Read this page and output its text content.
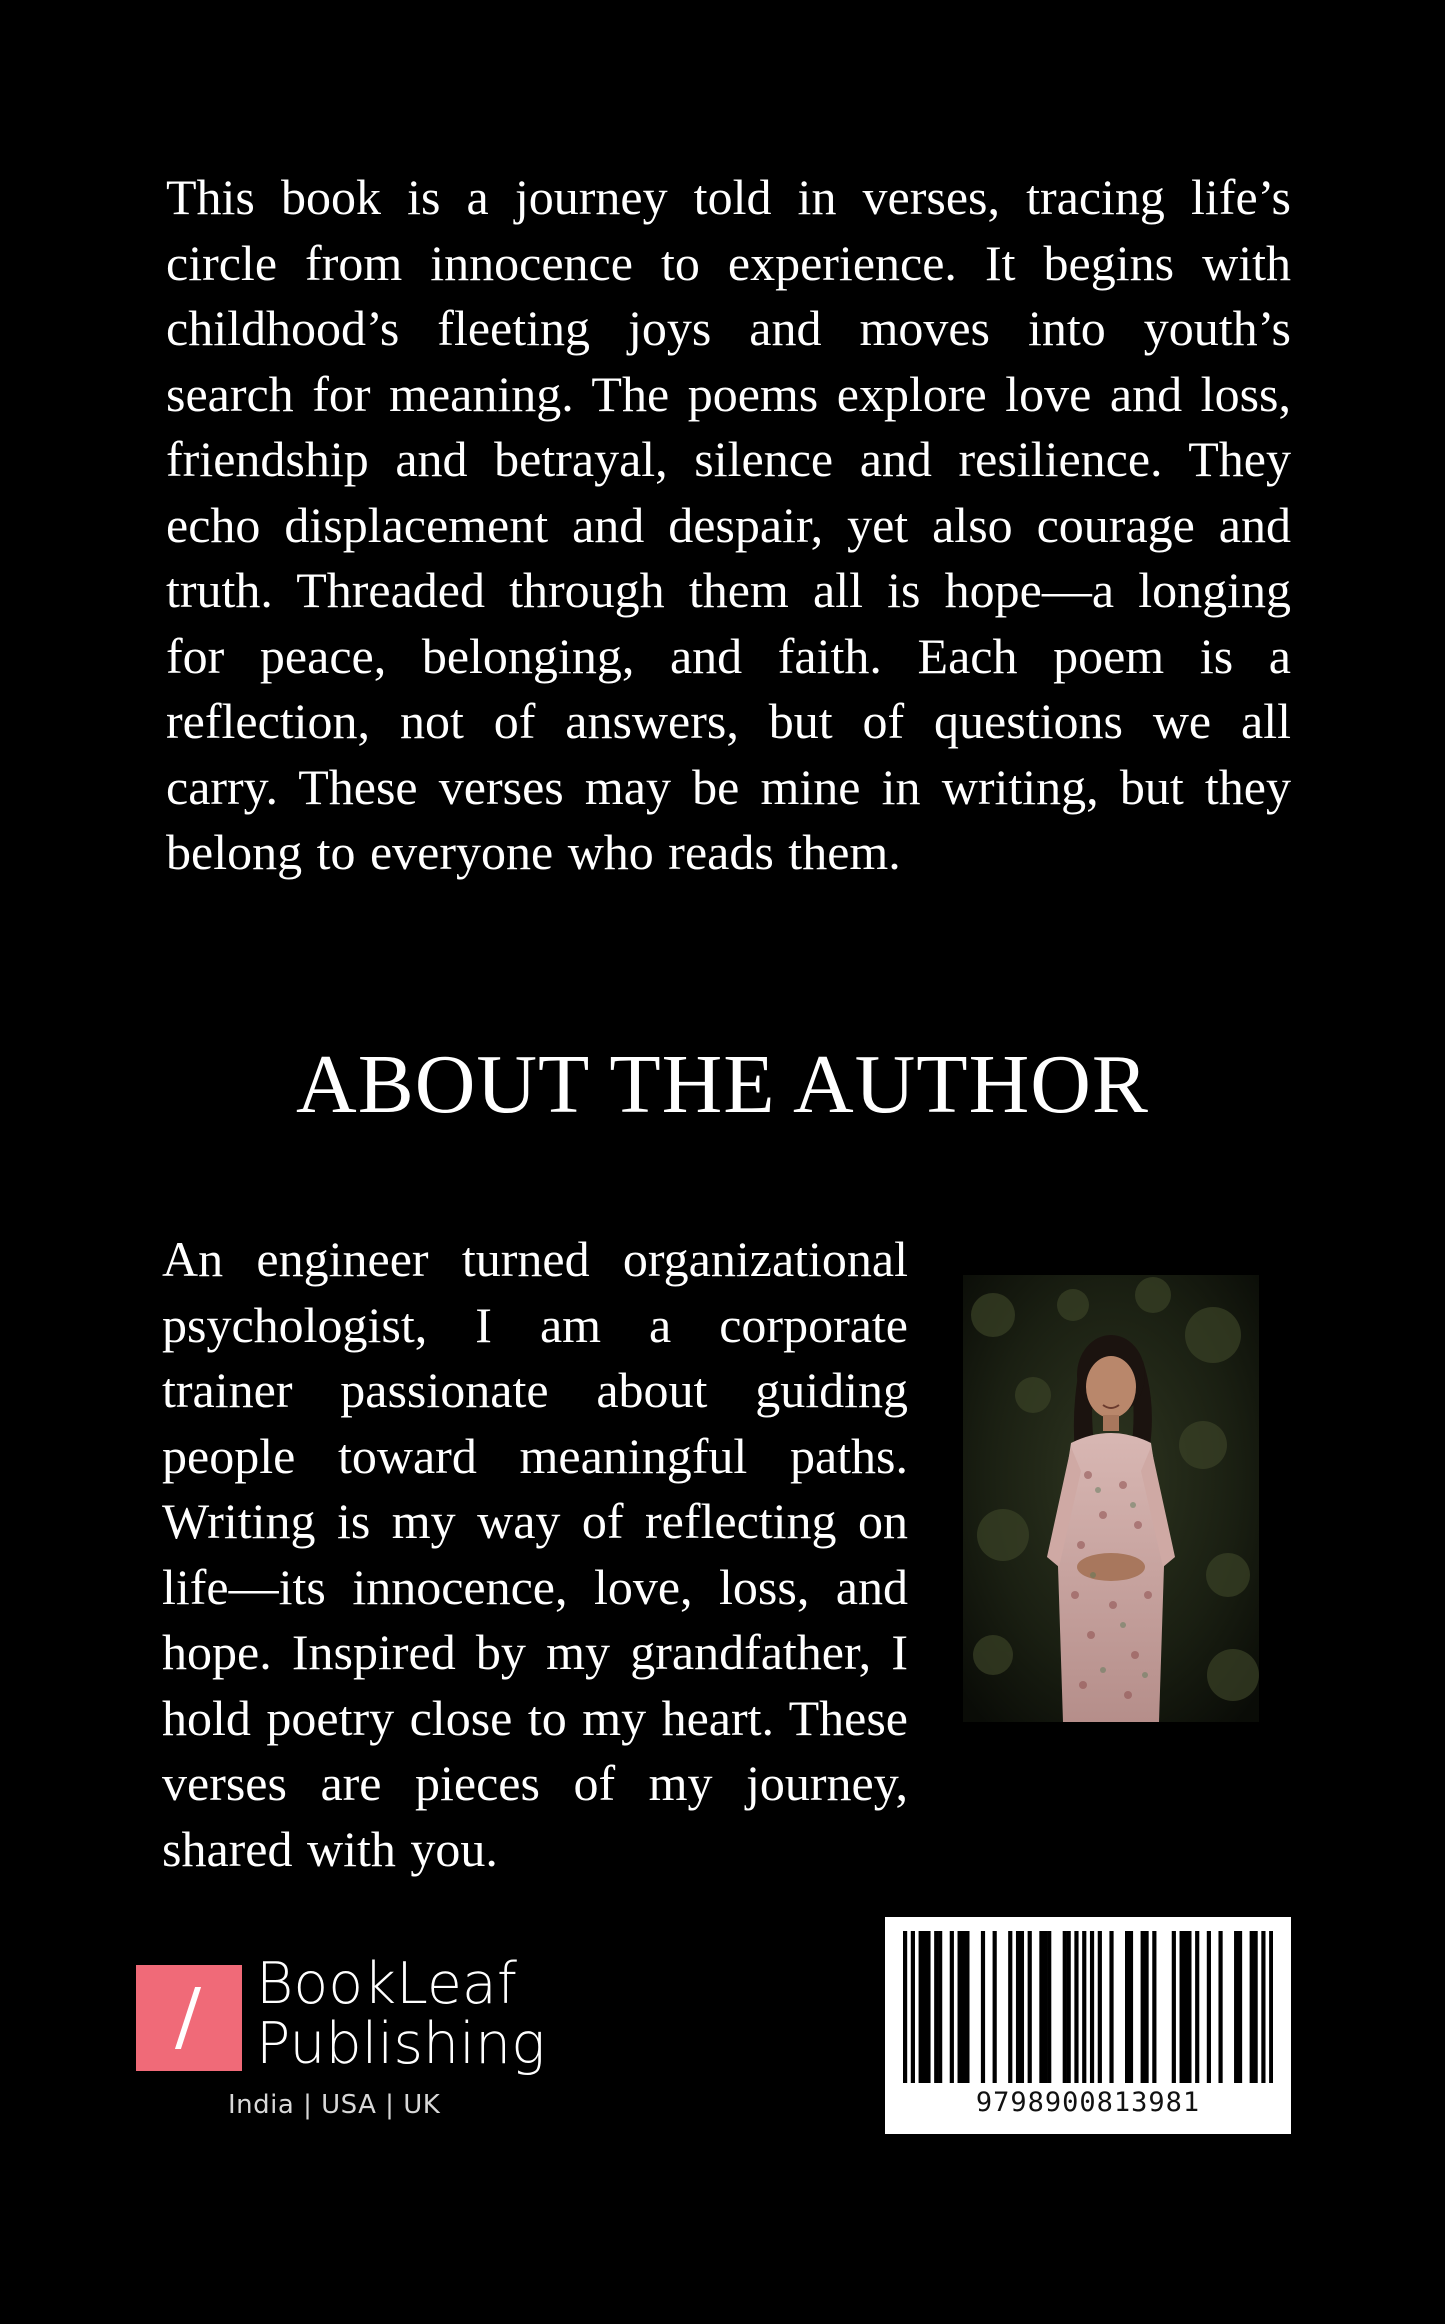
This book is a journey told in verses, tracing life’s circle from innocence to experience. It begins with childhood’s fleeting joys and moves into youth’s search for meaning. The poems explore love and loss, friendship and betrayal, silence and resilience. They echo displacement and despair, yet also courage and truth. Threaded through them all is hope—a longing for peace, belonging, and faith. Each poem is a reflection, not of answers, but of questions we all carry. These verses may be mine in writing, but they belong to everyone who reads them.

ABOUT THE AUTHOR

An engineer turned organizational psychologist, I am a corporate trainer passionate about guiding people toward meaningful paths. Writing is my way of reflecting on life—its innocence, love, loss, and hope. Inspired by my grandfather, I hold poetry close to my heart. These verses are pieces of my journey, shared with you.

BookLeaf
Publishing
India | USA | UK	9798900813981
